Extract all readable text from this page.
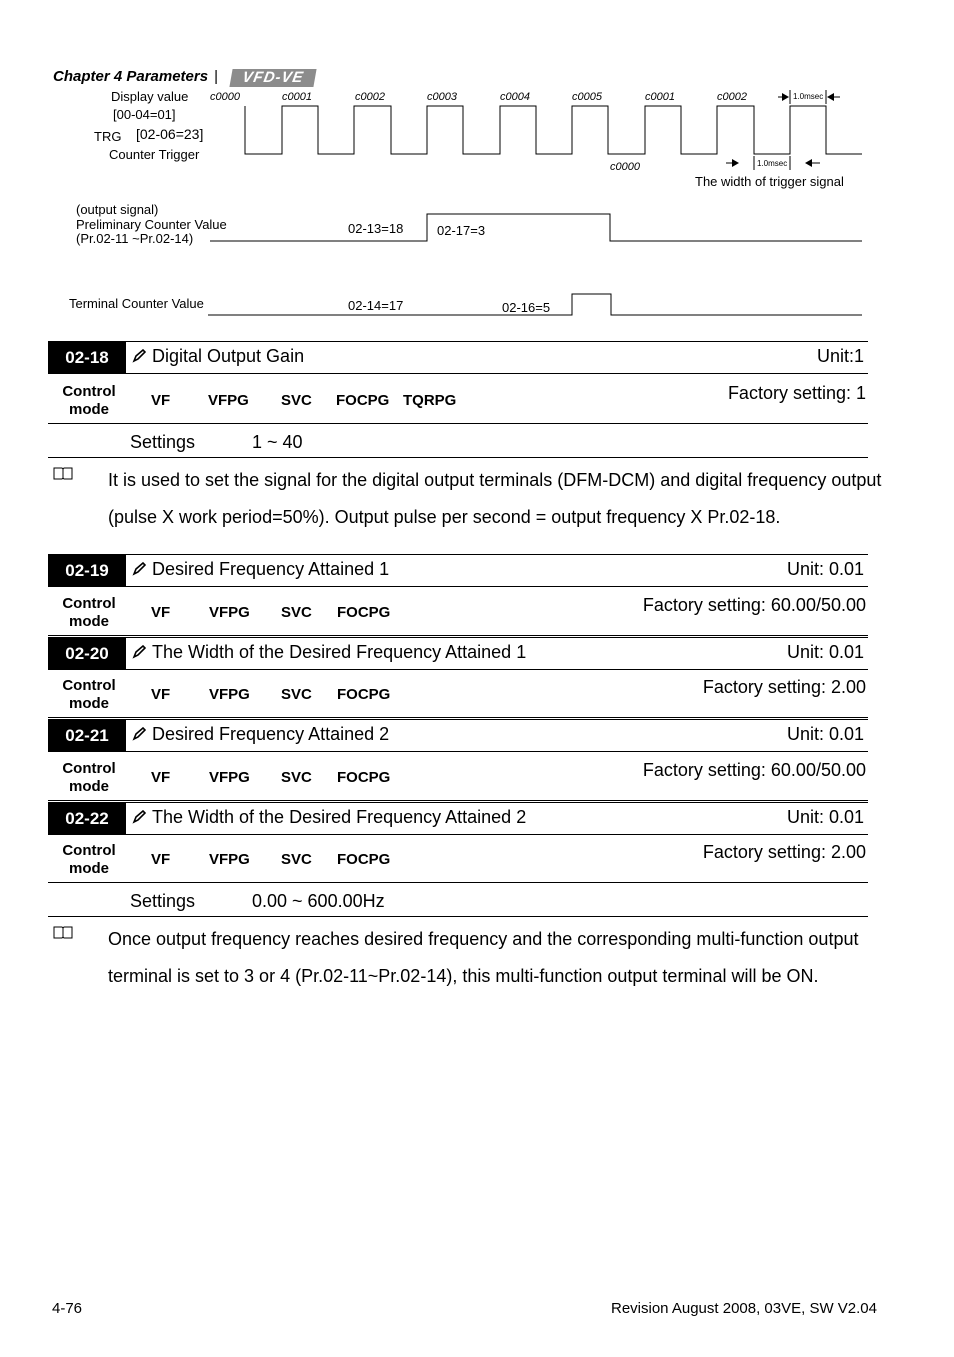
Chapter 4 Parameters |	VFD-VE
Display value
[00-04=01]
TRG [02-06=23]
Counter Trigger
c0000	c0001	c0002	c0003	c0004	c0005	c0001	c0002
c0000
1.0msec
1.0msec
The width of trigger signal
(output signal)
Preliminary Counter Value
(Pr.02-11 ~Pr.02-14)
02-13=18	02-17=3
Terminal Counter Value	02-14=17	02-16=5
02-18	Digital Output Gain	Unit:1
Control mode
VF	VFPG SVC FOCPG TQRPG	Factory setting: 1
Settings	1 ~ 40
It is used to set the signal for the digital output terminals (DFM-DCM) and digital frequency output (pulse X work period=50%). Output pulse per second = output frequency X Pr.02-18.
02-19	Desired Frequency Attained 1	Unit: 0.01
Control mode
VF	VFPG SVC FOCPG	Factory setting: 60.00/50.00
02-20	The Width of the Desired Frequency Attained 1	Unit: 0.01
Control mode
VF	VFPG SVC FOCPG	Factory setting: 2.00
02-21	Desired Frequency Attained 2	Unit: 0.01
Control mode
VF	VFPG SVC FOCPG	Factory setting: 60.00/50.00
02-22	The Width of the Desired Frequency Attained 2	Unit: 0.01
Control mode
VF	VFPG SVC FOCPG	Factory setting: 2.00
Settings	0.00 ~ 600.00Hz
Once output frequency reaches desired frequency and the corresponding multi-function output terminal is set to 3 or 4 (Pr.02-11~Pr.02-14), this multi-function output terminal will be ON.
4-76	Revision August 2008, 03VE, SW V2.04
